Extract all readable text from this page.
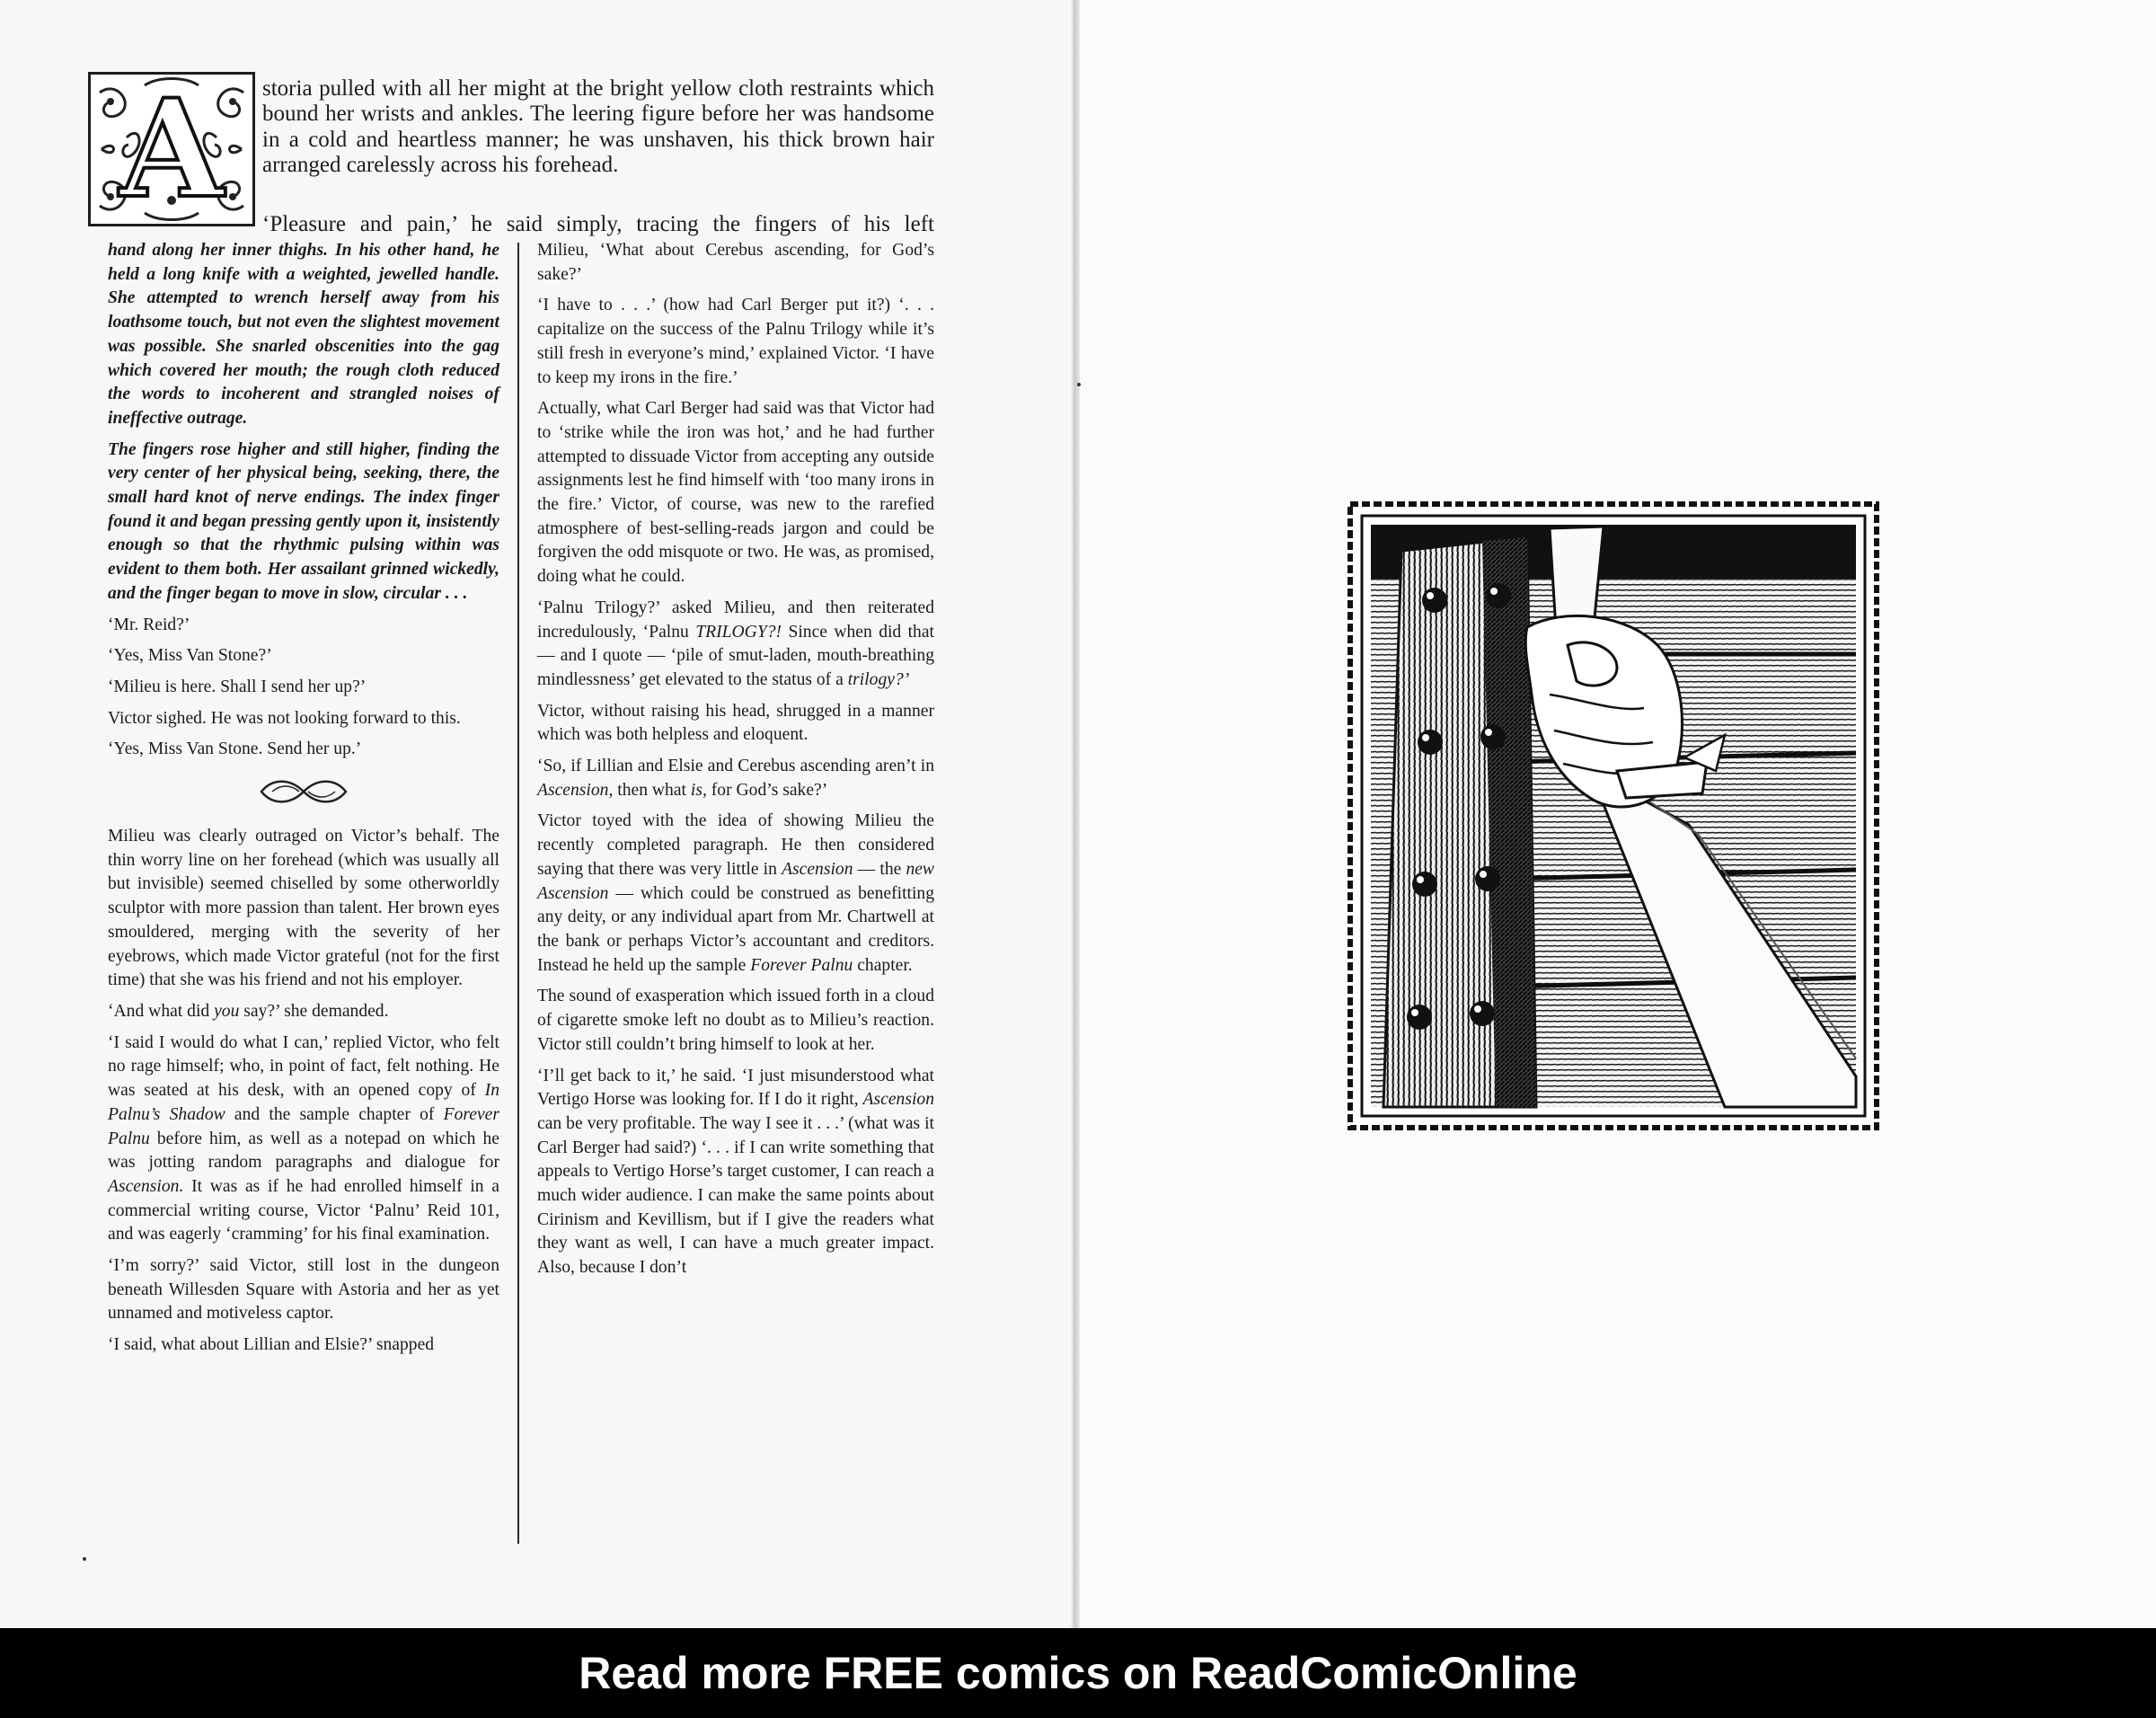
A	storia pulled with all her might at the bright yellow cloth restraints which bound her wrists and ankles. The leering figure before her was handsome in a cold and heartless manner; he was unshaven, his thick brown hair arranged carelessly across his forehead.

‘Pleasure and pain,’ he said simply, tracing the fingers of his left

hand along her inner thighs. In his other hand, he held a long knife with a weighted, jewelled handle. She attempted to wrench herself away from his loathsome touch, but not even the slightest movement was possible. She snarled obscenities into the gag which covered her mouth; the rough cloth reduced the words to incoherent and strangled noises of ineffective outrage.

The fingers rose higher and still higher, finding the very center of her physical being, seeking, there, the small hard knot of nerve endings. The index finger found it and began pressing gently upon it, insistently enough so that the rhythmic pulsing within was evident to them both. Her assailant grinned wickedly, and the finger began to move in slow, circular . . .

‘Mr. Reid?’

‘Yes, Miss Van Stone?’

‘Milieu is here. Shall I send her up?’

Victor sighed. He was not looking forward to this.

‘Yes, Miss Van Stone. Send her up.’

Milieu was clearly outraged on Victor’s behalf. The thin worry line on her forehead (which was usually all but invisible) seemed chiselled by some otherworldly sculptor with more passion than talent. Her brown eyes smouldered, merging with the severity of her eyebrows, which made Victor grateful (not for the first time) that she was his friend and not his employer.

‘And what did you say?’ she demanded.

‘I said I would do what I can,’ replied Victor, who felt no rage himself; who, in point of fact, felt nothing. He was seated at his desk, with an opened copy of In Palnu’s Shadow and the sample chapter of Forever Palnu before him, as well as a notepad on which he was jotting random paragraphs and dialogue for Ascension. It was as if he had enrolled himself in a commercial writing course, Victor ‘Palnu’ Reid 101, and was eagerly ‘cramming’ for his final examination.

‘I’m sorry?’ said Victor, still lost in the dungeon beneath Willesden Square with Astoria and her as yet unnamed and motiveless captor.

‘I said, what about Lillian and Elsie?’ snapped

Milieu, ‘What about Cerebus ascending, for God’s sake?’

‘I have to . . .’ (how had Carl Berger put it?) ‘. . . capitalize on the success of the Palnu Trilogy while it’s still fresh in everyone’s mind,’ explained Victor. ‘I have to keep my irons in the fire.’

Actually, what Carl Berger had said was that Victor had to ‘strike while the iron was hot,’ and he had further attempted to dissuade Victor from accepting any outside assignments lest he find himself with ‘too many irons in the fire.’ Victor, of course, was new to the rarefied atmosphere of best-selling-reads jargon and could be forgiven the odd misquote or two. He was, as promised, doing what he could.

‘Palnu Trilogy?’ asked Milieu, and then reiterated incredulously, ‘Palnu TRILOGY?! Since when did that — and I quote — ‘pile of smut-laden, mouth-breathing mindlessness’ get elevated to the status of a trilogy?’

Victor, without raising his head, shrugged in a manner which was both helpless and eloquent.

‘So, if Lillian and Elsie and Cerebus ascending aren’t in Ascension, then what is, for God’s sake?’

Victor toyed with the idea of showing Milieu the recently completed paragraph. He then considered saying that there was very little in Ascension — the new Ascension — which could be construed as benefitting any deity, or any individual apart from Mr. Chartwell at the bank or perhaps Victor’s accountant and creditors. Instead he held up the sample Forever Palnu chapter.

The sound of exasperation which issued forth in a cloud of cigarette smoke left no doubt as to Milieu’s reaction. Victor still couldn’t bring himself to look at her.

‘I’ll get back to it,’ he said. ‘I just misunderstood what Vertigo Horse was looking for. If I do it right, Ascension can be very profitable. The way I see it . . .’ (what was it Carl Berger had said?) ‘. . . if I can write something that appeals to Vertigo Horse’s target customer, I can reach a much wider audience. I can make the same points about Cirinism and Kevillism, but if I give the readers what they want as well, I can have a much greater impact. Also, because I don’t

Read more FREE comics on ReadComicOnline
